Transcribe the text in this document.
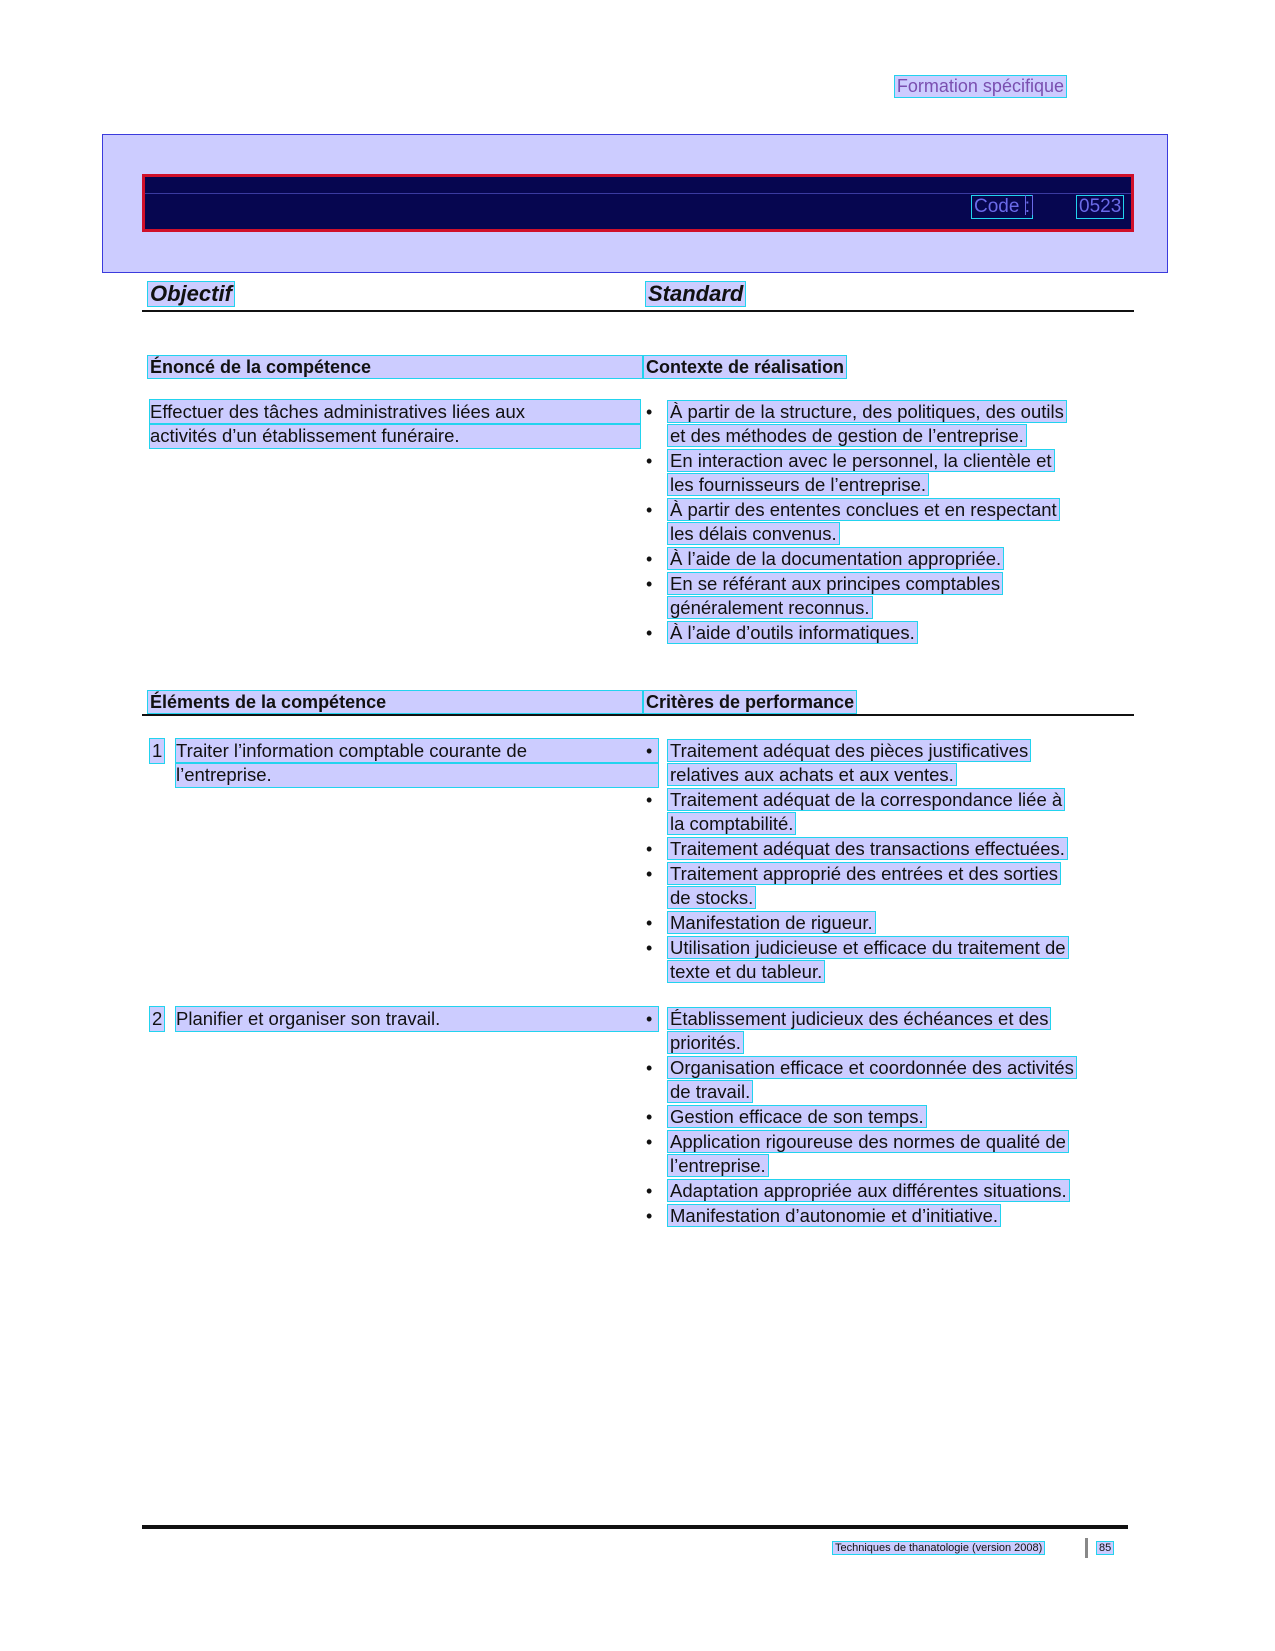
Formation spécifique
Code :	0523
Objectif	Standard
Énoncé de la compétence	Contexte de réalisation
Effectuer des tâches administratives liées aux
activités d’un établissement funéraire.
• À partir de la structure, des politiques, des outils
et des méthodes de gestion de l’entreprise.
• En interaction avec le personnel, la clientèle et
les fournisseurs de l’entreprise.
• À partir des ententes conclues et en respectant
les délais convenus.
• À l’aide de la documentation appropriée.
• En se référant aux principes comptables
généralement reconnus.
• À l’aide d’outils informatiques.
Éléments de la compétence	Critères de performance
1 Traiter l’information comptable courante de
l’entreprise.
• Traitement adéquat des pièces justificatives
relatives aux achats et aux ventes.
• Traitement adéquat de la correspondance liée à
la comptabilité.
• Traitement adéquat des transactions effectuées.
• Traitement approprié des entrées et des sorties
de stocks.
• Manifestation de rigueur.
• Utilisation judicieuse et efficace du traitement de
texte et du tableur.
2 Planifier et organiser son travail.
•	Établissement judicieux des échéances et des
priorités.
• Organisation efficace et coordonnée des activités
de travail.
• Gestion efficace de son temps.
• Application rigoureuse des normes de qualité de
l’entreprise.
• Adaptation appropriée aux différentes situations.
• Manifestation d’autonomie et d’initiative.
Techniques de thanatologie (version 2008)	85
